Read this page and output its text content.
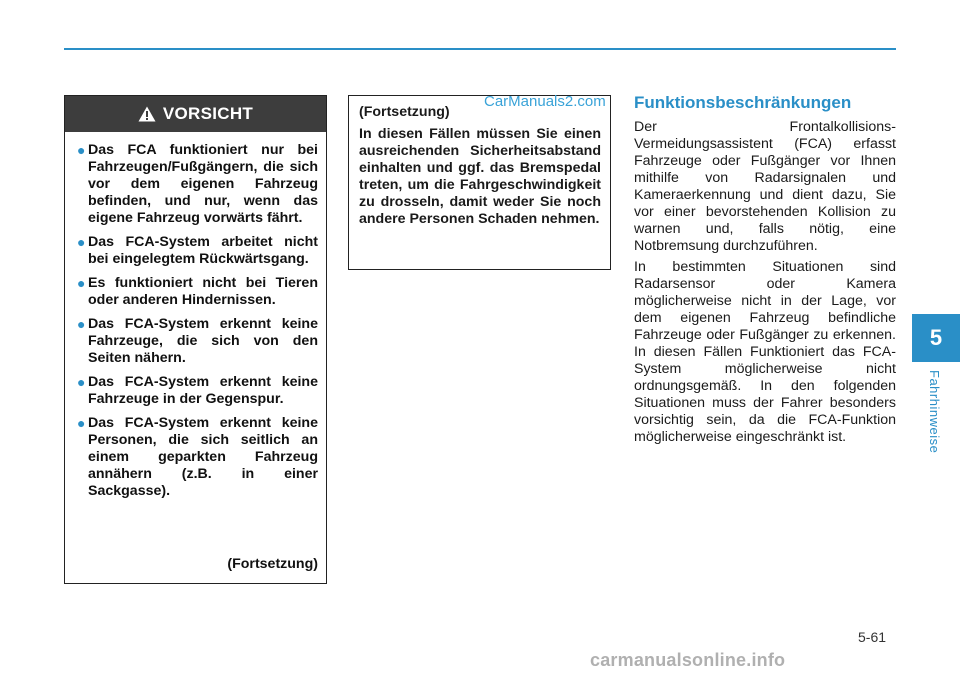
VORSICHT
● Das FCA funktioniert nur bei Fahrzeugen/Fußgängern, die sich vor dem eigenen Fahrzeug befinden, und nur, wenn das eigene Fahrzeug vorwärts fährt.
● Das FCA-System arbeitet nicht bei eingelegtem Rückwärtsgang.
● Es funktioniert nicht bei Tieren oder anderen Hindernissen.
● Das FCA-System erkennt keine Fahrzeuge, die sich von den Seiten nähern.
● Das FCA-System erkennt keine Fahrzeuge in der Gegenspur.
● Das FCA-System erkennt keine Personen, die sich seitlich an einem geparkten Fahrzeug annähern (z.B. in einer Sackgasse).
(Fortsetzung)
(Fortsetzung)
In diesen Fällen müssen Sie einen ausreichenden Sicherheitsabstand einhalten und ggf. das Bremspedal treten, um die Fahrgeschwindigkeit zu drosseln, damit weder Sie noch andere Personen Schaden nehmen.
CarManuals2.com Funktionsbeschränkungen
Der Frontalkollisions-Vermeidungsassistent (FCA) erfasst Fahrzeuge oder Fußgänger vor Ihnen mithilfe von Radarsignalen und Kameraerkennung und dient dazu, Sie vor einer bevorstehenden Kollision zu warnen und, falls nötig, eine Notbremsung durchzuführen.
In bestimmten Situationen sind Radarsensor oder Kamera möglicherweise nicht in der Lage, vor dem eigenen Fahrzeug befindliche Fahrzeuge oder Fußgänger zu erkennen. In diesen Fällen Funktioniert das FCA-System möglicherweise nicht ordnungsgemäß. In den folgenden Situationen muss der Fahrer besonders vorsichtig sein, da die FCA-Funktion möglicherweise eingeschränkt ist.
5
Fahrhinweise
5-61
carmanualsonline.info
